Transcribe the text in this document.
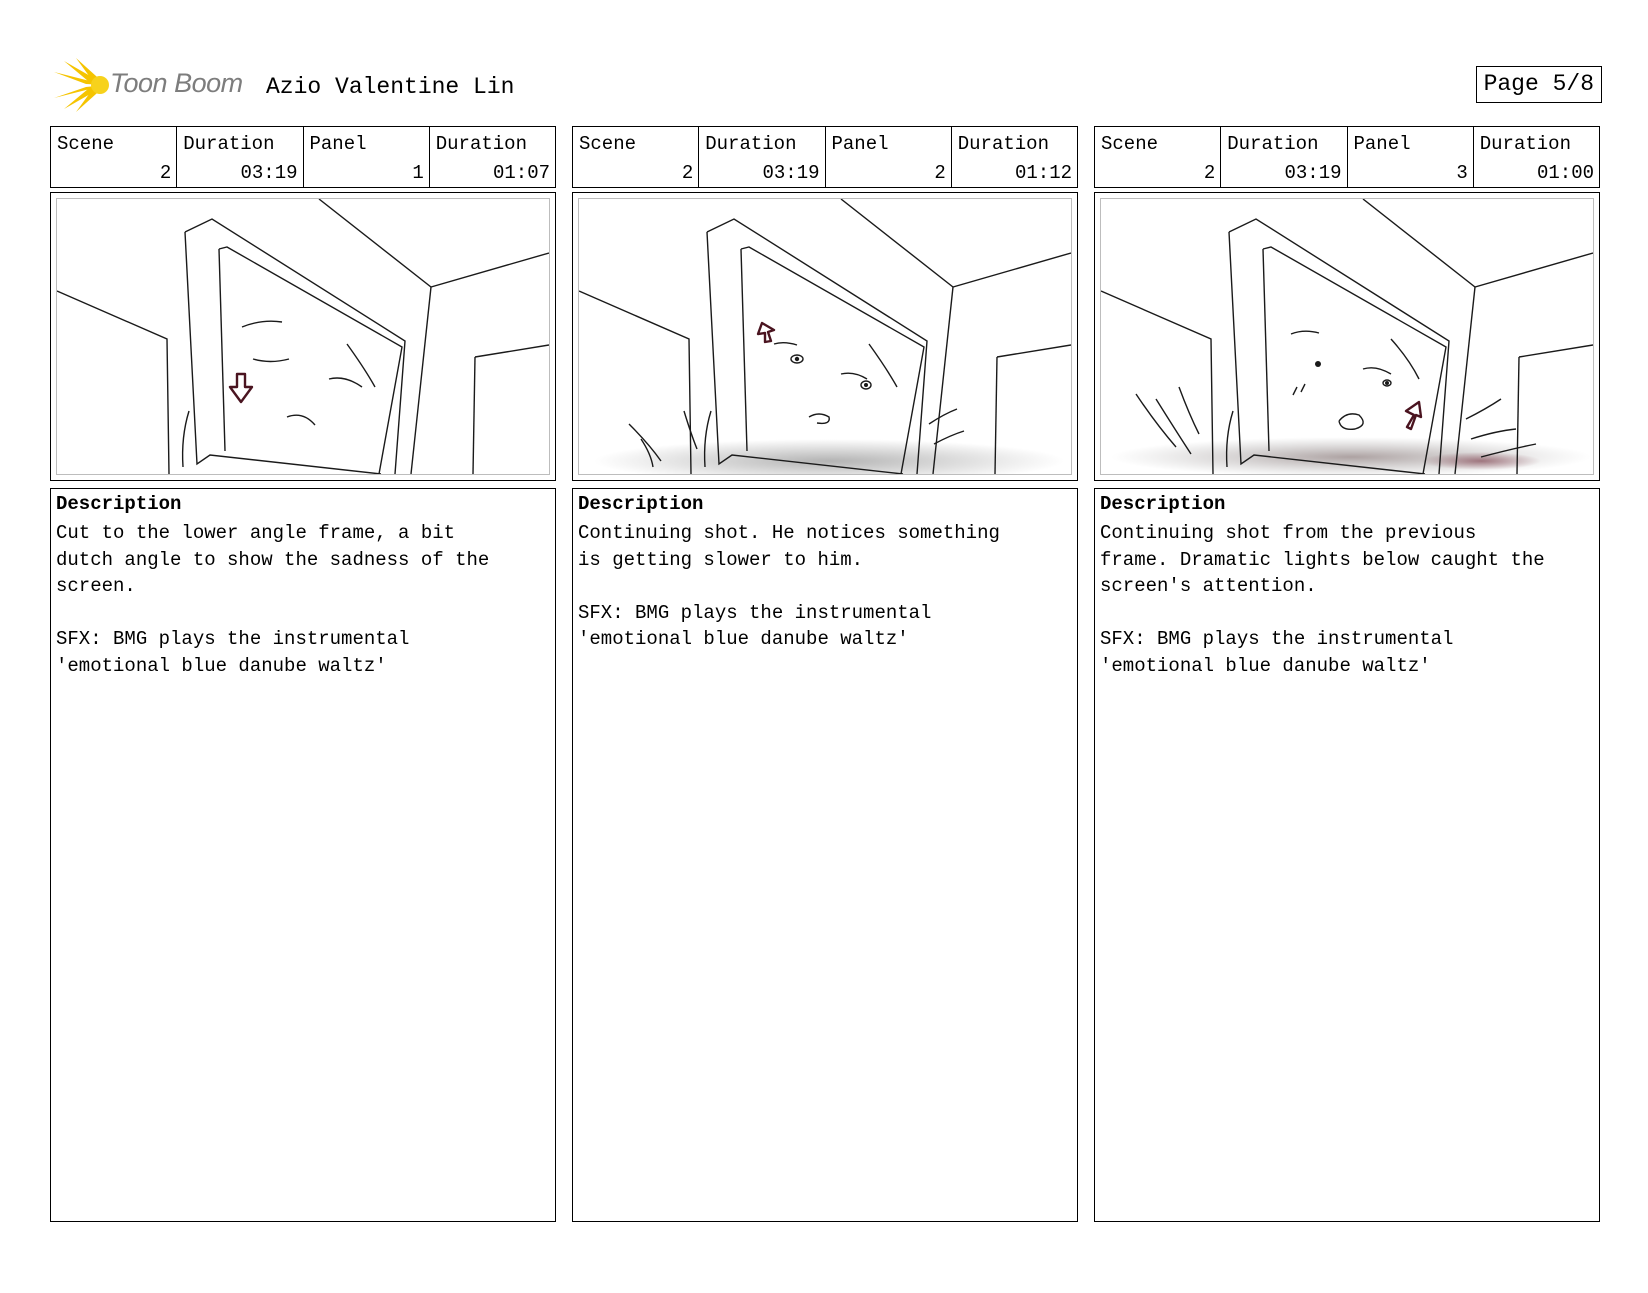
Toon Boom Azio Valentine Lin	Page 5/8
Scene
2
Duration
03:19
Panel
1
Duration
01:07
Description
Cut to the lower angle frame, a bit
dutch angle to show the sadness of the
screen.

SFX: BMG plays the instrumental
'emotional blue danube waltz'
Scene
2
Duration
03:19
Panel
2
Duration
01:12
Description
Continuing shot. He notices something
is getting slower to him.

SFX: BMG plays the instrumental
'emotional blue danube waltz'
Scene
2
Duration
03:19
Panel
3
Duration
01:00
Description
Continuing shot from the previous
frame. Dramatic lights below caught the
screen's attention.

SFX: BMG plays the instrumental
'emotional blue danube waltz'
